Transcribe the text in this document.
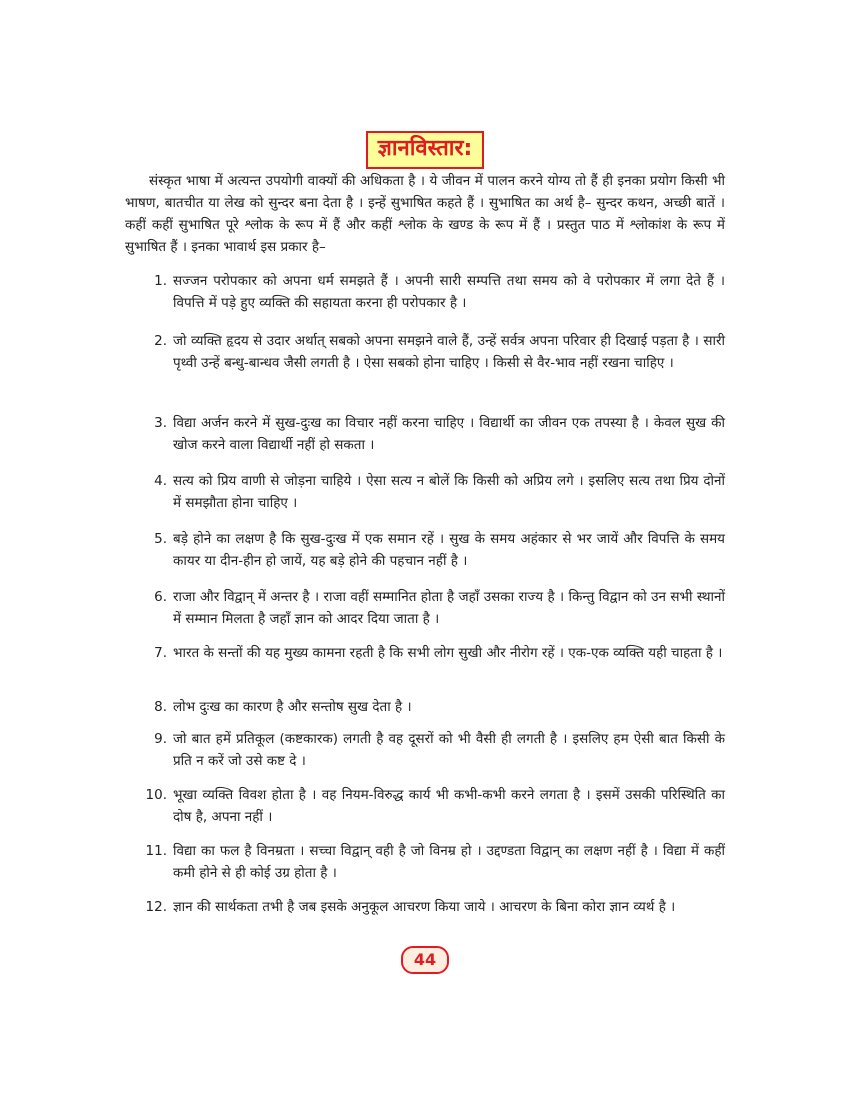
ज्ञानविस्तार:

संस्कृत भाषा में अत्यन्त उपयोगी वाक्यों की अधिकता है । ये जीवन में पालन करने योग्य तो हैं ही इनका प्रयोग किसी भी भाषण, बातचीत या लेख को सुन्दर बना देता है । इन्हें सुभाषित कहते हैं । सुभाषित का अर्थ है– सुन्दर कथन, अच्छी बातें । कहीं कहीं सुभाषित पूरे श्लोक के रूप में हैं और कहीं श्लोक के खण्ड के रूप में हैं । प्रस्तुत पाठ में श्लोकांश के रूप में सुभाषित हैं । इनका भावार्थ इस प्रकार है–

1. सज्जन परोपकार को अपना धर्म समझते हैं । अपनी सारी सम्पत्ति तथा समय को वे परोपकार में लगा देते हैं । विपत्ति में पड़े हुए व्यक्ति की सहायता करना ही परोपकार है ।
2. जो व्यक्ति हृदय से उदार अर्थात् सबको अपना समझने वाले हैं, उन्हें सर्वत्र अपना परिवार ही दिखाई पड़ता है । सारी पृथ्वी उन्हें बन्धु-बान्धव जैसी लगती है । ऐसा सबको होना चाहिए । किसी से वैर-भाव नहीं रखना चाहिए ।
3. विद्या अर्जन करने में सुख-दुःख का विचार नहीं करना चाहिए । विद्यार्थी का जीवन एक तपस्या है । केवल सुख की खोज करने वाला विद्यार्थी नहीं हो सकता ।
4. सत्य को प्रिय वाणी से जोड़ना चाहिये । ऐसा सत्य न बोलें कि किसी को अप्रिय लगे । इसलिए सत्य तथा प्रिय दोनों में समझौता होना चाहिए ।
5. बड़े होने का लक्षण है कि सुख-दुःख में एक समान रहें । सुख के समय अहंकार से भर जायें और विपत्ति के समय कायर या दीन-हीन हो जायें, यह बड़े होने की पहचान नहीं है ।
6. राजा और विद्वान् में अन्तर है । राजा वहीं सम्मानित होता है जहाँ उसका राज्य है । किन्तु विद्वान को उन सभी स्थानों में सम्मान मिलता है जहाँ ज्ञान को आदर दिया जाता है ।
7. भारत के सन्तों की यह मुख्य कामना रहती है कि सभी लोग सुखी और नीरोग रहें । एक-एक व्यक्ति यही चाहता है ।
8. लोभ दुःख का कारण है और सन्तोष सुख देता है ।
9. जो बात हमें प्रतिकूल (कष्टकारक) लगती है वह दूसरों को भी वैसी ही लगती है । इसलिए हम ऐसी बात किसी के प्रति न करें जो उसे कष्ट दे ।
10. भूखा व्यक्ति विवश होता है । वह नियम-विरुद्ध कार्य भी कभी-कभी करने लगता है । इसमें उसकी परिस्थिति का दोष है, अपना नहीं ।
11. विद्या का फल है विनम्रता । सच्चा विद्वान् वही है जो विनम्र हो । उद्दण्डता विद्वान् का लक्षण नहीं है । विद्या में कहीं कमी होने से ही कोई उग्र होता है ।
12. ज्ञान की सार्थकता तभी है जब इसके अनुकूल आचरण किया जाये । आचरण के बिना कोरा ज्ञान व्यर्थ है ।
44
